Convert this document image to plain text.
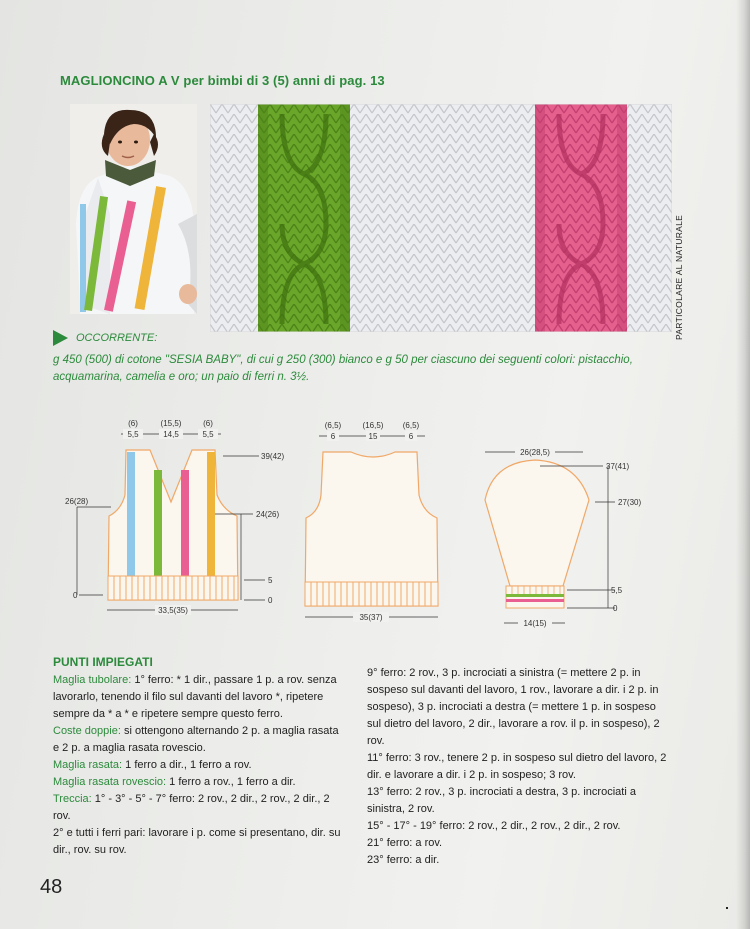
MAGLIONCINO A V per bimbi di 3 (5) anni di pag. 13
PARTICOLARE AL NATURALE
OCCORRENTE:
g 450 (500) di cotone "SESIA BABY", di cui g 250 (300) bianco e g 50 per ciascuno dei seguenti colori: pistacchio, acquamarina, camelia e oro; un paio di ferri n. 3½.
(6)	(15,5)	(6)
5,5	14,5	5,5
39(42)
26(28)
24(26)
5
0
0
33,5(35)
(6,5)	(16,5) (6,5)
6	15	6
35(37)
26(28,5)
37(41)
27(30)
5,5
0
14(15)
PUNTI IMPIEGATI

Maglia tubolare: 1° ferro: * 1 dir., passare 1 p. a rov. senza lavorarlo, tenendo il filo sul davanti del lavoro *, ripetere sempre da * a * e ripetere sempre questo ferro.

Coste doppie: si ottengono alternando 2 p. a maglia rasata e 2 p. a maglia rasata rovescio.

Maglia rasata: 1 ferro a dir., 1 ferro a rov.

Maglia rasata rovescio: 1 ferro a rov., 1 ferro a dir.

Treccia: 1° - 3° - 5° - 7° ferro: 2 rov., 2 dir., 2 rov., 2 dir., 2 rov.

2° e tutti i ferri pari: lavorare i p. come si presentano, dir. su dir., rov. su rov.

9° ferro: 2 rov., 3 p. incrociati a sinistra (= mettere 2 p. in sospeso sul davanti del lavoro, 1 rov., lavorare a dir. i 2 p. in sospeso), 3 p. incrociati a destra (= mettere 1 p. in sospeso sul dietro del lavoro, 2 dir., lavorare a rov. il p. in sospeso), 2 rov.

11° ferro: 3 rov., tenere 2 p. in sospeso sul dietro del lavoro, 2 dir. e lavorare a dir. i 2 p. in sospeso; 3 rov.

13° ferro: 2 rov., 3 p. incrociati a destra, 3 p. incrociati a sinistra, 2 rov.

15° - 17° - 19° ferro: 2 rov., 2 dir., 2 rov., 2 dir., 2 rov.

21° ferro: a rov.

23° ferro: a dir.

48
